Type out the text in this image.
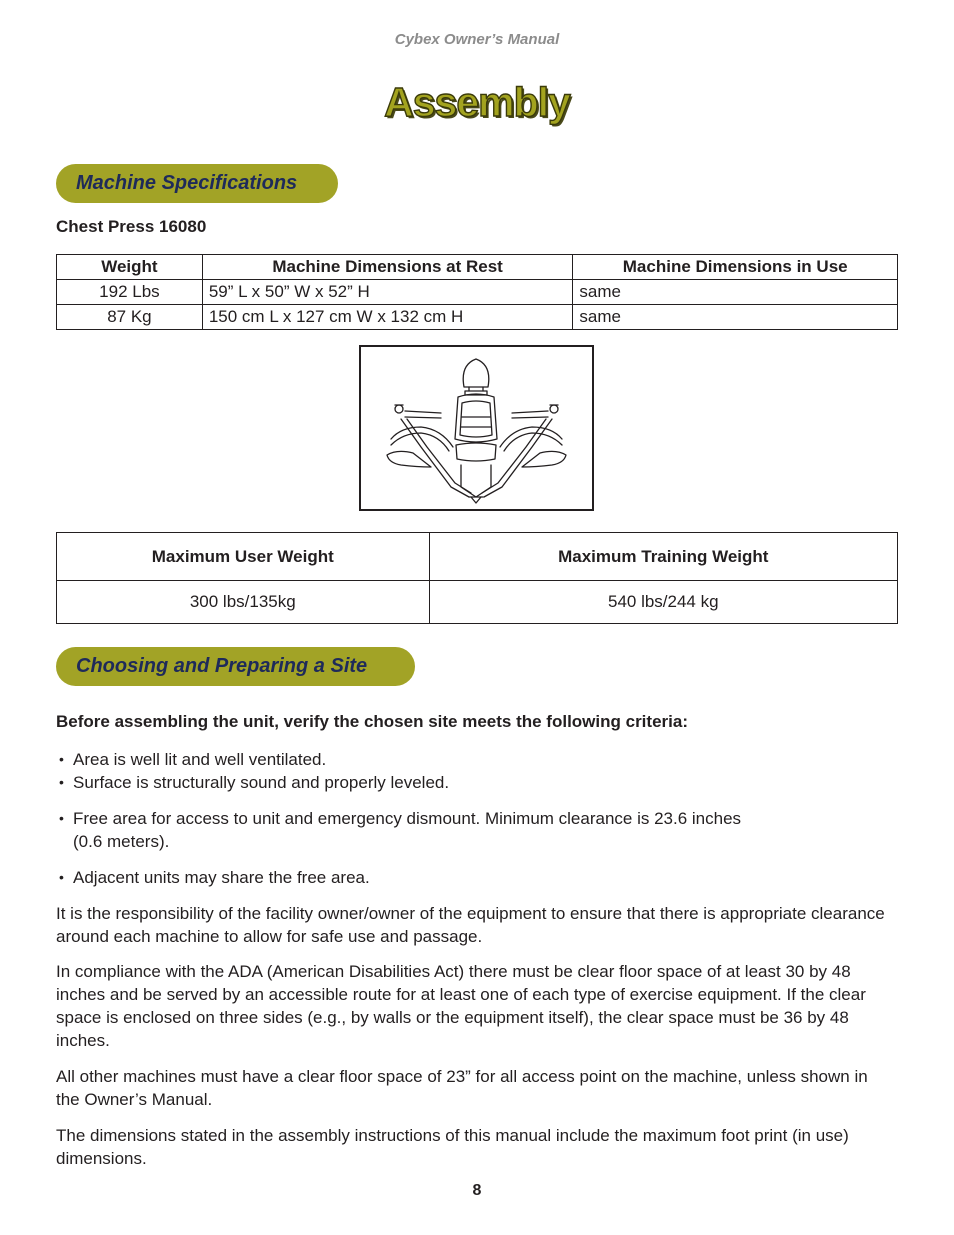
Cybex Owner’s Manual
Assembly
Machine Specifications
Chest Press 16080
Weight	Machine Dimensions at Rest	Machine Dimensions in Use
192 Lbs	59” L x 50” W x 52” H	same
87 Kg	150 cm L x 127 cm W x 132 cm H	same
Maximum User Weight	Maximum Training Weight
300 lbs/135kg	540 lbs/244 kg
Choosing and Preparing a Site
Before assembling the unit, verify the chosen site meets the following criteria:
• Area is well lit and well ventilated.
• Surface is structurally sound and properly leveled.
• Free area for access to unit and emergency dismount. Minimum clearance is 23.6 inches
(0.6 meters).
• Adjacent units may share the free area.
It is the responsibility of the facility owner/owner of the equipment to ensure that there is appropriate clearance around each machine to allow for safe use and passage.
In compliance with the ADA (American Disabilities Act) there must be clear floor space of at least 30 by 48 inches and be served by an accessible route for at least one of each type of exercise equipment. If the clear space is enclosed on three sides (e.g., by walls or the equipment itself), the clear space must be 36 by 48 inches.
All other machines must have a clear floor space of 23” for all access point on the machine, unless shown in the Owner’s Manual.
The dimensions stated in the assembly instructions of this manual include the maximum foot print (in use) dimensions.
8
